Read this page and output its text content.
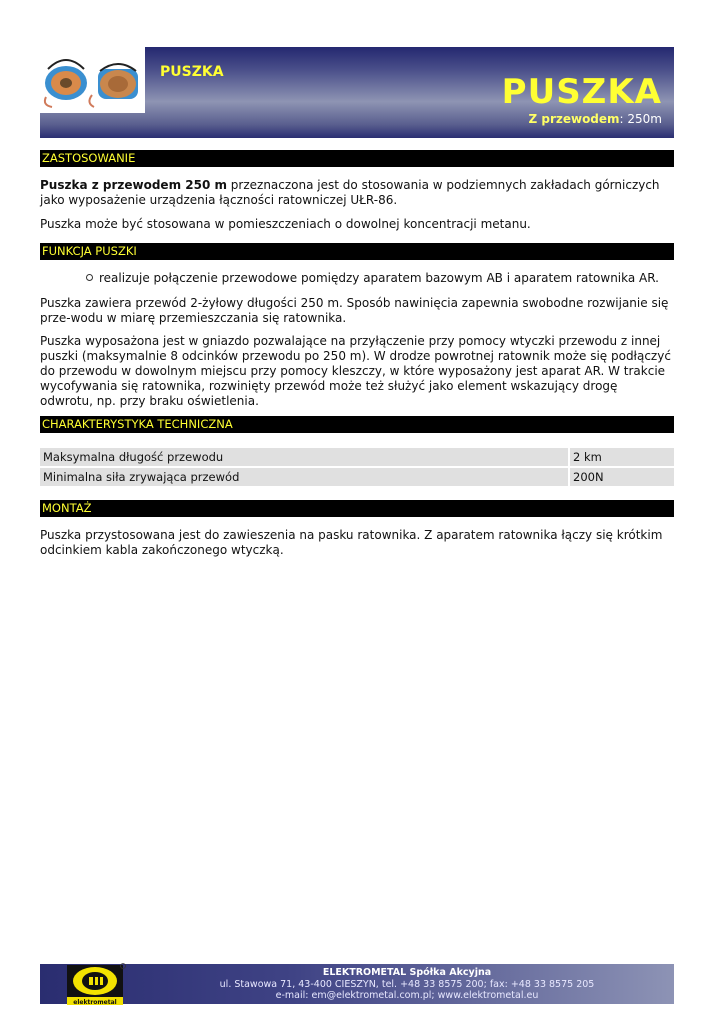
PUSZKA	PUSZKA
Z przewodem: 250m
ZASTOSOWANIE

Puszka z przewodem 250 m przeznaczona jest do stosowania w podziemnych zakładach górniczych jako wyposażenie urządzenia łączności ratowniczej UŁR-86.

Puszka może być stosowana w pomieszczeniach o dowolnej koncentracji metanu.

FUNKCJA PUSZKI
realizuje połączenie przewodowe pomiędzy aparatem bazowym AB i aparatem ratownika AR.

Puszka zawiera przewód 2-żyłowy długości 250 m. Sposób nawinięcia zapewnia swobodne rozwijanie się prze-wodu w miarę przemieszczania się ratownika.

Puszka wyposażona jest w gniazdo pozwalające na przyłączenie przy pomocy wtyczki przewodu z innej puszki (maksymalnie 8 odcinków przewodu po 250 m). W drodze powrotnej ratownik może się podłączyć do przewodu w dowolnym miejscu przy pomocy kleszczy, w które wyposażony jest aparat AR. W trakcie wycofywania się ratownika, rozwinięty przewód może też służyć jako element wskazujący drogę odwrotu, np. przy braku oświetlenia.

CHARAKTERYSTYKA TECHNICZNA
Maksymalna długość przewodu	2 km
Minimalna siła zrywająca przewód	200N
MONTAŻ

Puszka przystosowana jest do zawieszenia na pasku ratownika. Z aparatem ratownika łączy się krótkim odcinkiem kabla zakończonego wtyczką.

elektrometal
ELEKTROMETAL Spółka Akcyjna
ul. Stawowa 71, 43-400 CIESZYN, tel. +48 33 8575 200; fax: +48 33 8575 205
e-mail: em@elektrometal.com.pl; www.elektrometal.eu
